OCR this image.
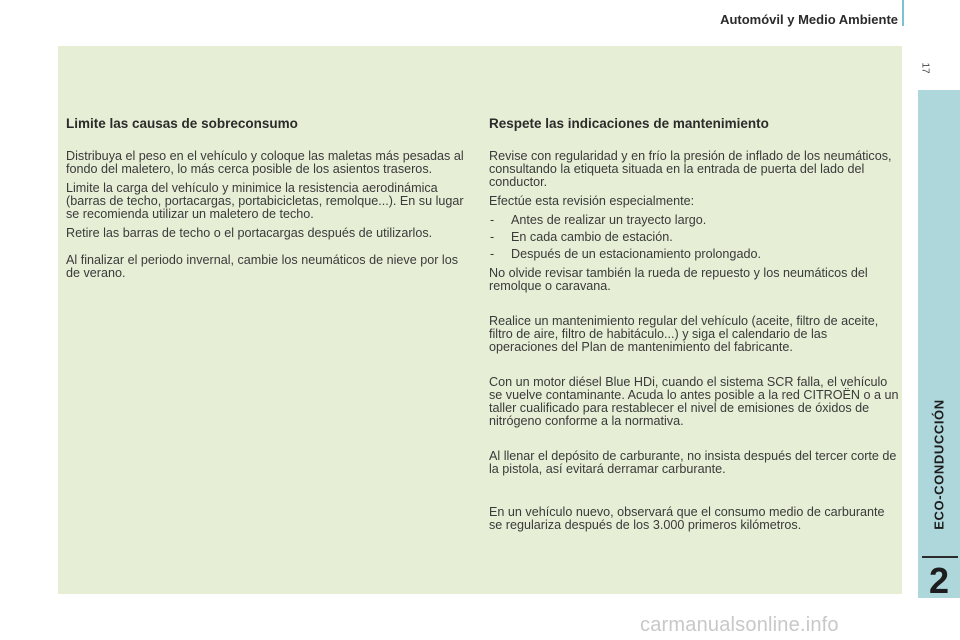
Automóvil y Medio Ambiente
17
ECO-CONDUCCIÓN
2
Limite las causas de sobreconsumo

Distribuya el peso en el vehículo y coloque las maletas más pesadas al fondo del maletero, lo más cerca posible de los asientos traseros.

Limite la carga del vehículo y minimice la resistencia aerodinámica (barras de techo, portacargas, portabicicletas, remolque...). En su lugar se recomienda utilizar un maletero de techo.

Retire las barras de techo o el portacargas después de utilizarlos.

Al finalizar el periodo invernal, cambie los neumáticos de nieve por los de verano.

Respete las indicaciones de mantenimiento

Revise con regularidad y en frío la presión de inflado de los neumáticos, consultando la etiqueta situada en la entrada de puerta del lado del conductor.

Efectúe esta revisión especialmente:

- Antes de realizar un trayecto largo.
- En cada cambio de estación.
- Después de un estacionamiento prolongado.

No olvide revisar también la rueda de repuesto y los neumáticos del remolque o caravana.

Realice un mantenimiento regular del vehículo (aceite, filtro de aceite, filtro de aire, filtro de habitáculo...) y siga el calendario de las operaciones del Plan de mantenimiento del fabricante.

Con un motor diésel Blue HDi, cuando el sistema SCR falla, el vehículo se vuelve contaminante. Acuda lo antes posible a la red CITROËN o a un taller cualificado para restablecer el nivel de emisiones de óxidos de nitrógeno conforme a la normativa.

Al llenar el depósito de carburante, no insista después del tercer corte de la pistola, así evitará derramar carburante.

En un vehículo nuevo, observará que el consumo medio de carburante se regulariza después de los 3.000 primeros kilómetros.

carmanualsonline.info
